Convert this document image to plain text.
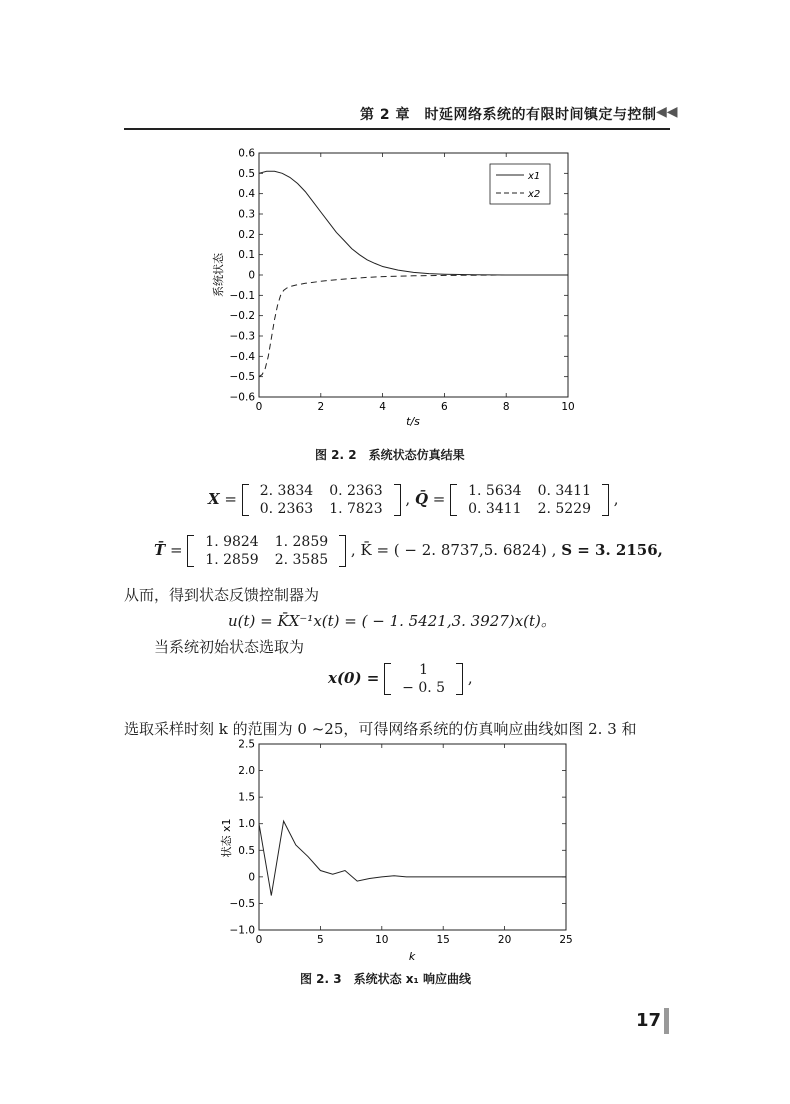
第 2 章　时延网络系统的有限时间镇定与控制 ◀◀
0.6
0.5
0.4
0.3
0.2
0.1
0
−0.1
−0.2
−0.3
−0.4
−0.5
−0.6
0	2	4	6	8	10
系统状态
t/s
x1
x2
图 2. 2　系统状态仿真结果
X = 2. 3834	0. 2363
0. 2363	1. 7823
, Q̄ = 1. 5634	0. 3411
0. 3411	2. 5229
,
T̄ = 1. 9824	1. 2859
1. 2859	2. 3585
, K̄ = ( − 2. 8737,5. 6824) , S = 3. 2156,
从而，得到状态反馈控制器为
u(t) = K̄X⁻¹x(t) = ( − 1. 5421,3. 3927)x(t)。
当系统初始状态选取为
x(0) =	1
− 0. 5
,
选取采样时刻 k 的范围为 0 ~25，可得网络系统的仿真响应曲线如图 2. 3 和
2.5
2.0
1.5
1.0
0.5
0
−0.5
−1.0
0	5	10	15	20	25
状态 x1
k
图 2. 3　系统状态 x₁ 响应曲线
17
